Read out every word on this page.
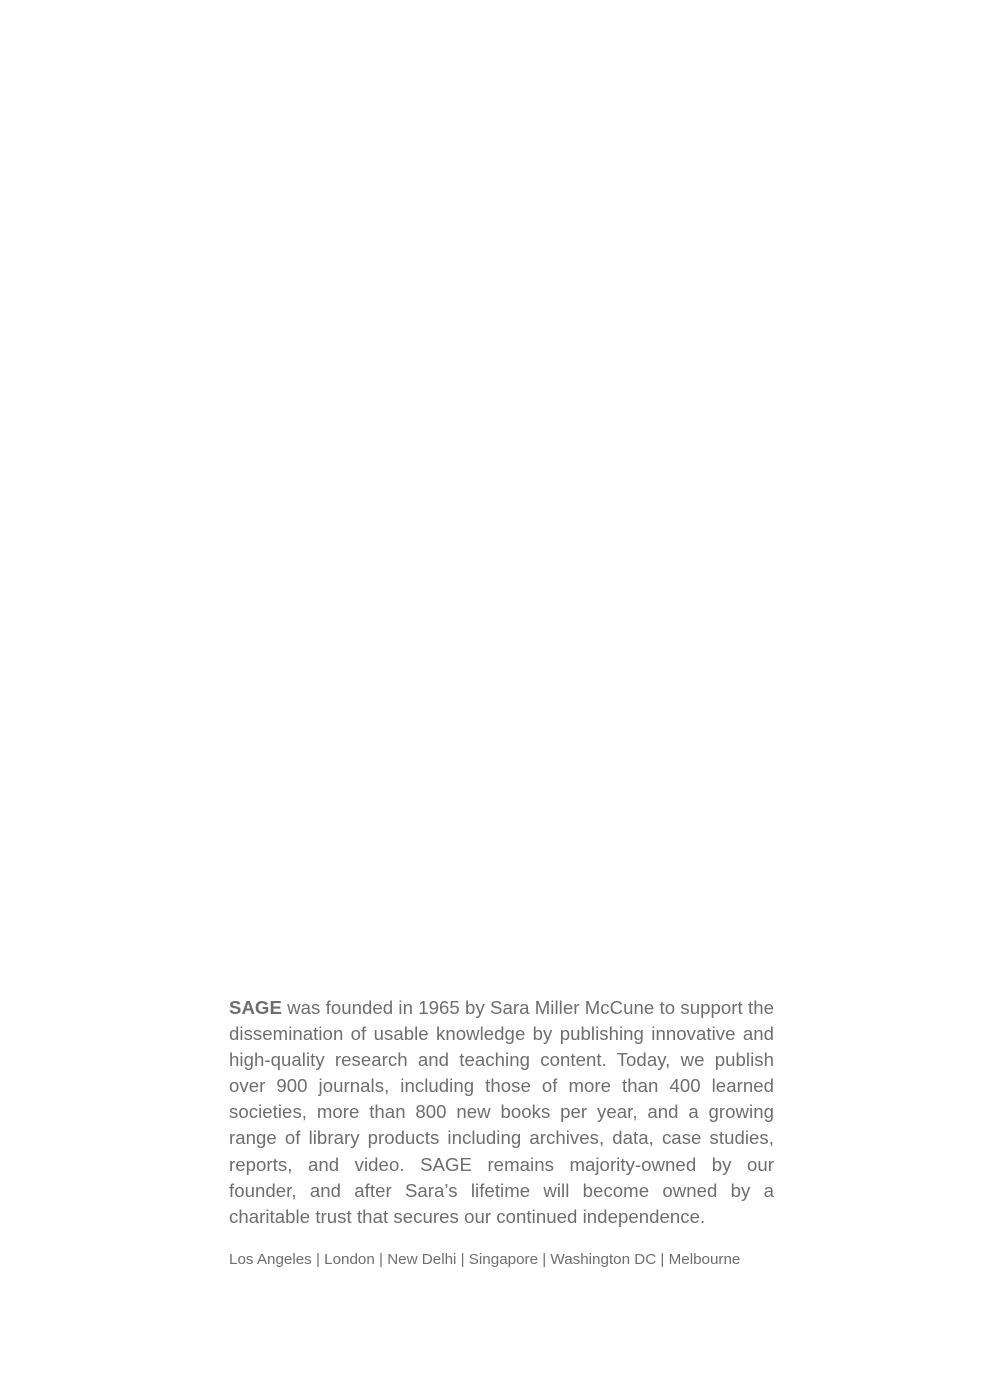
SAGE was founded in 1965 by Sara Miller McCune to support the dissemination of usable knowledge by publishing innovative and high-quality research and teaching content. Today, we publish over 900 journals, including those of more than 400 learned societies, more than 800 new books per year, and a growing range of library products including archives, data, case studies, reports, and video. SAGE remains majority-owned by our founder, and after Sara’s lifetime will become owned by a charitable trust that secures our continued independence.

Los Angeles | London | New Delhi | Singapore | Washington DC | Melbourne
